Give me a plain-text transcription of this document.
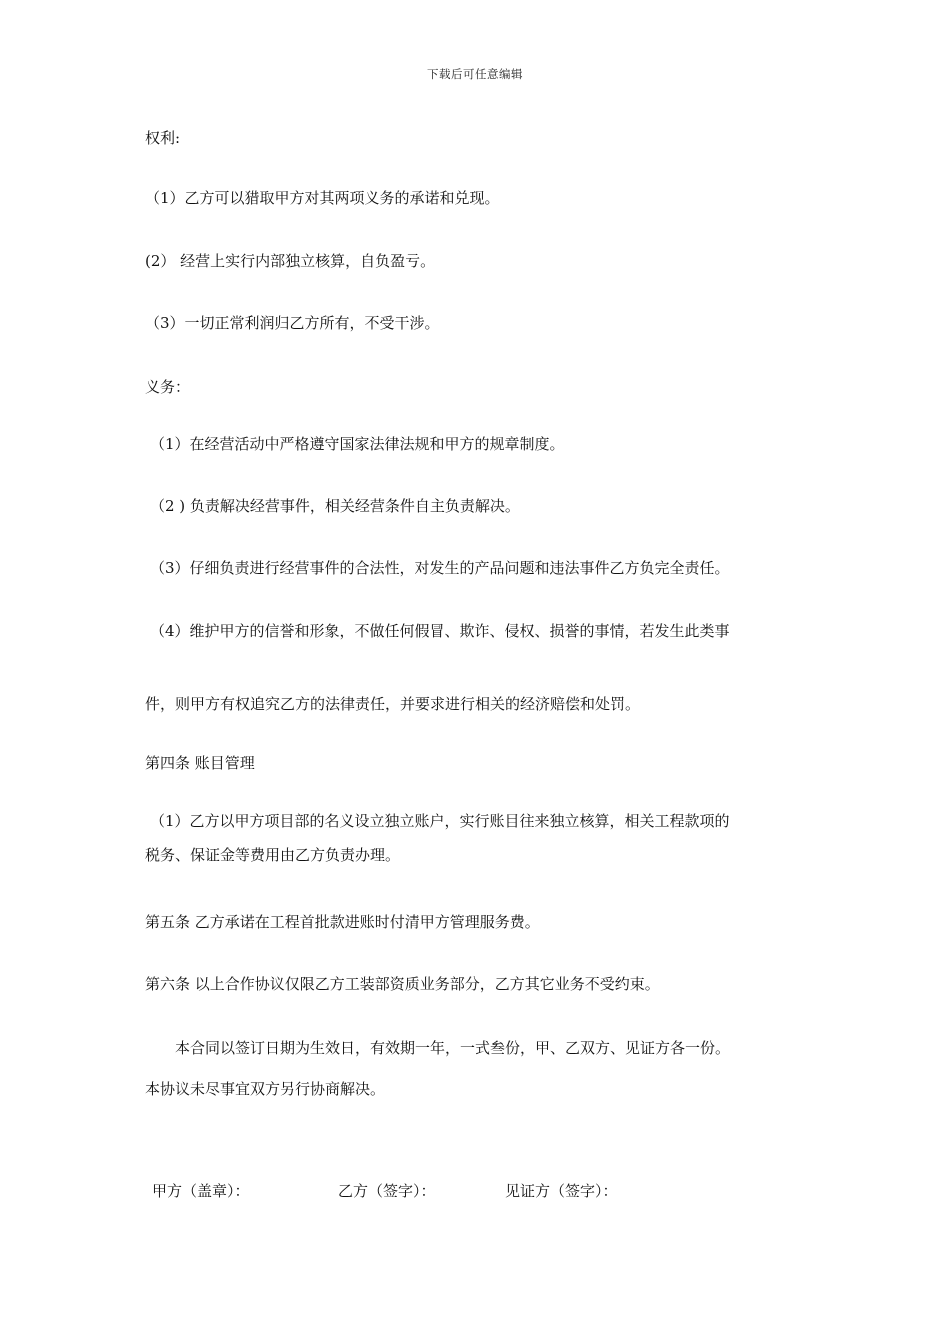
下载后可任意编辑
权利:
（1）乙方可以猎取甲方对其两项义务的承诺和兑现。
(2） 经营上实行内部独立核算，自负盈亏。
（3）一切正常利润归乙方所有，不受干涉。
义务：
（1）在经营活动中严格遵守国家法律法规和甲方的规章制度。
（2 ) 负责解决经营事件，相关经营条件自主负责解决。
（3）仔细负责进行经营事件的合法性，对发生的产品问题和违法事件乙方负完全责任。
（4）维护甲方的信誉和形象，不做任何假冒、欺诈、侵权、损誉的事情，若发生此类事
件，则甲方有权追究乙方的法律责任，并要求进行相关的经济赔偿和处罚。
第四条 账目管理
（1）乙方以甲方项目部的名义设立独立账户，实行账目往来独立核算，相关工程款项的
税务、保证金等费用由乙方负责办理。
第五条 乙方承诺在工程首批款进账时付清甲方管理服务费。
第六条 以上合作协议仅限乙方工装部资质业务部分，乙方其它业务不受约束。
本合同以签订日期为生效日，有效期一年，一式叁份，甲、乙双方、见证方各一份。
本协议未尽事宜双方另行协商解决。
甲方（盖章）：	乙方（签字）：	见证方（签字）：
